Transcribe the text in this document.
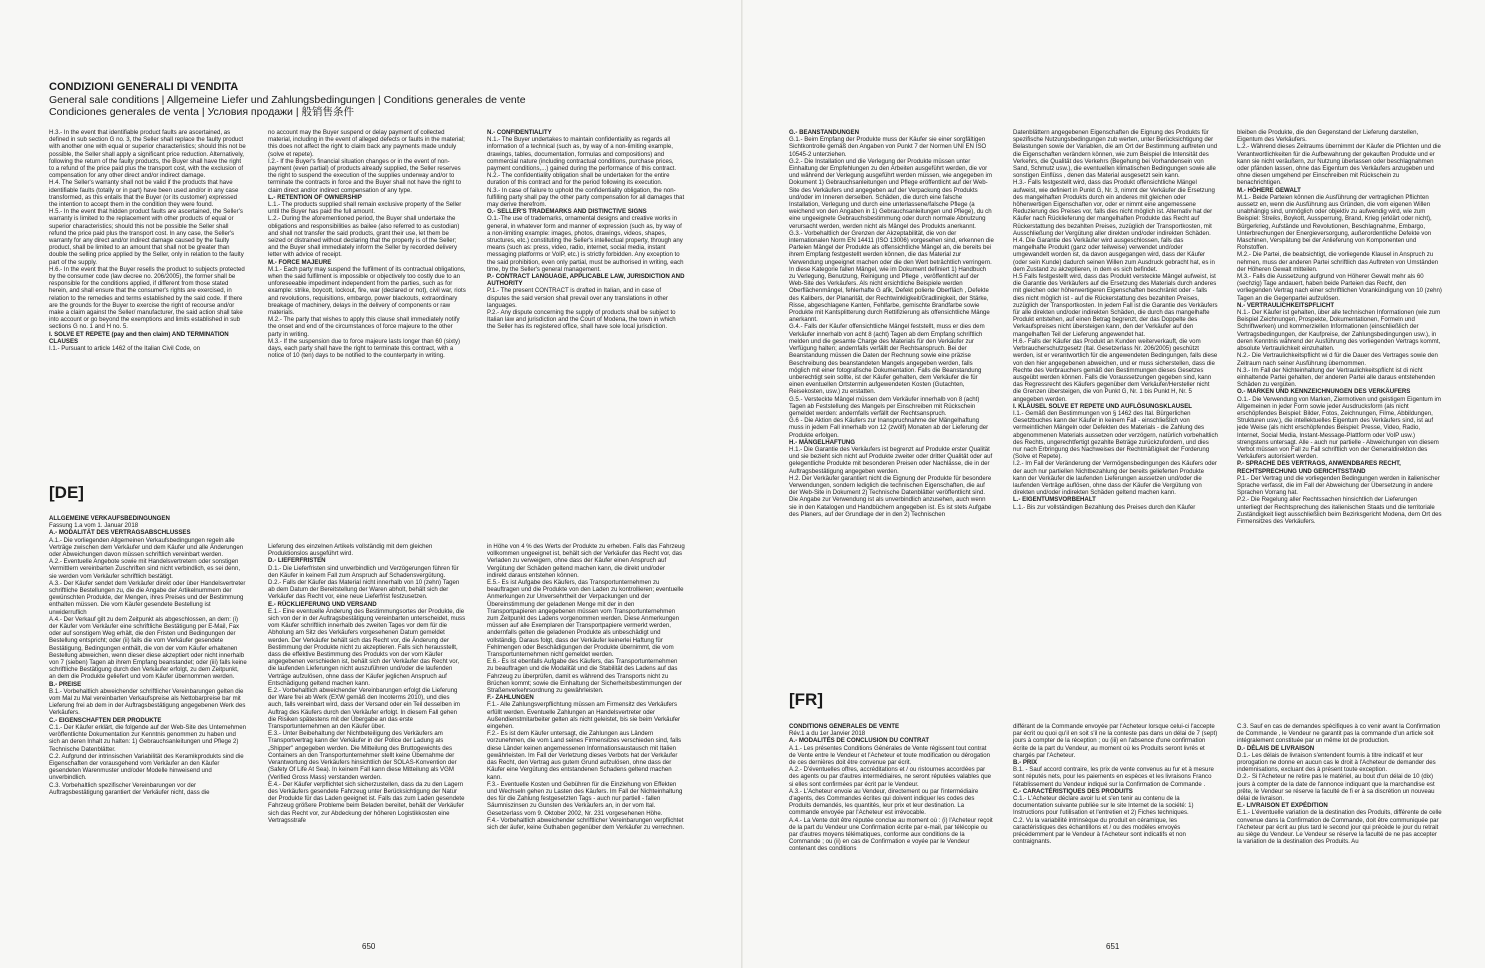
CONDIZIONI GENERALI DI VENDITA
General sale conditions | Allgemeine Liefer und Zahlungsbedingungen | Conditions generales de vente
Condiciones generales de venta | Условия продажи | 般销售条件

H.3.- In the event that identifiable product faults are ascertained, as defined in sub section G no. 3, the Seller shall replace the faulty product with another one with equal or superior characteristics; should this not be possible, the Seller shall apply a significant price reduction. Alternatively, following the return of the faulty products, the Buyer shall have the right to a refund of the price paid plus the transport cost, with the exclusion of compensation for any other direct and/or indirect damage.

H.4. The Seller's warranty shall not be valid if the products that have identifiable faults (totally or in part) have been used and/or in any case transformed, as this entails that the Buyer (or its customer) expressed the intention to accept them in the condition they were found.

H.5.- In the event that hidden product faults are ascertained, the Seller's warranty is limited to the replacement with other products of equal or superior characteristics; should this not be possible the Seller shall refund the price paid plus the transport cost. In any case, the Seller's warranty for any direct and/or indirect damage caused by the faulty product, shall be limited to an amount that shall not be greater than double the selling price applied by the Seller, only in relation to the faulty part of the supply.

H.6.- In the event that the Buyer resells the product to subjects protected by the consumer code (law decree no. 206/2005), the former shall be responsible for the conditions applied, if different from those stated herein, and shall ensure that the consumer's rights are exercised, in relation to the remedies and terms established by the said code. If there are the grounds for the Buyer to exercise the right of recourse and/or make a claim against the Seller/ manufacturer, the said action shall take into account or go beyond the exemptions and limits established in sub sections G no. 1 and H no. 5.

I. SOLVE ET REPETE (pay and then claim) AND TERMINATION CLAUSES

I.1.- Pursuant to article 1462 of the Italian Civil Code, on

no account may the Buyer suspend or delay payment of collected material, including in the event of alleged defects or faults in the material; this does not affect the right to claim back any payments made unduly (solve et repete).

I.2.- If the Buyer's financial situation changes or in the event of non-payment (even partial) of products already supplied, the Seller reserves the right to suspend the execution of the supplies underway and/or to terminate the contracts in force and the Buyer shall not have the right to claim direct and/or indirect compensation of any type.

L.- RETENTION OF OWNERSHIP

L.1.- The products supplied shall remain exclusive property of the Seller until the Buyer has paid the full amount.

L.2.- During the aforementioned period, the Buyer shall undertake the obligations and responsibilities as bailee (also referred to as custodian) and shall not transfer the said products, grant their use, let them be seized or distrained without declaring that the property is of the Seller; and the Buyer shall immediately inform the Seller by recorded delivery letter with advice of receipt.

M.- FORCE MAJEURE

M.1.- Each party may suspend the fulfilment of its contractual obligations, when the said fulfilment is impossible or objectively too costly due to an unforeseeable impediment independent from the parties, such as for example: strike, boycott, lockout, fire, war (declared or not), civil war, riots and revolutions, requisitions, embargo, power blackouts, extraordinary breakage of machinery, delays in the delivery of components or raw materials.

M.2.- The party that wishes to apply this clause shall immediately notify the onset and end of the circumstances of force majeure to the other party in writing.

M.3.- If the suspension due to force majeure lasts longer than 60 (sixty) days, each party shall have the right to terminate this contract, with a notice of 10 (ten) days to be notified to the counterparty in writing.

N.- CONFIDENTIALITY

N.1.- The Buyer undertakes to maintain confidentiality as regards all information of a technical (such as, by way of a non-limiting example, drawings, tables, documentation, formulas and compositions) and commercial nature (including contractual conditions, purchase prices, payment conditions,...) gained during the performance of this contract.

N.2.- The confidentiality obligation shall be undertaken for the entire duration of this contract and for the period following its execution.

N.3.- In case of failure to uphold the confidentiality obligation, the non-fulfilling party shall pay the other party compensation for all damages that may derive therefrom.

O.- SELLER'S TRADEMARKS AND DISTINCTIVE SIGNS

O.1.-The use of trademarks, ornamental designs and creative works in general, in whatever form and manner of expression (such as, by way of a non-limiting example: images, photos, drawings, videos, shapes, structures, etc.) constituting the Seller's intellectual property, through any means (such as: press, video, radio, internet, social media, instant messaging platforms or VoIP, etc.) is strictly forbidden. Any exception to the said prohibition, even only partial, must be authorised in writing, each time, by the Seller's general management.

P.- CONTRACT LANGUAGE, APPLICABLE LAW, JURISDICTION AND AUTHORITY

P.1.- The present CONTRACT is drafted in Italian, and in case of disputes the said version shall prevail over any translations in other languages.

P.2.- Any dispute concerning the supply of products shall be subject to Italian law and jurisdiction and the Court of Modena, the town in which the Seller has its registered office, shall have sole local jurisdiction.

[DE]

ALLGEMEINE VERKAUFSBEDINGUNGEN

Fassung 1.a vom 1. Januar 2018

A.- MODALITÄT DES VERTRAGSABSCHLUSSES

A.1.- Die vorliegenden Allgemeinen Verkaufsbedingungen regeln alle Verträge zwischen dem Verkäufer und dem Käufer und alle Änderungen oder Abweichungen davon müssen schriftlich vereinbart werden.

A.2.- Eventuelle Angebote sowie mit Handelsvertretern oder sonstigen Vermittlern vereinbarten Zuschriften sind nicht verbindlich, es sei denn, sie werden vom Verkäufer schriftlich bestätigt.

A.3.- Der Käufer sendet dem Verkäufer direkt oder über Handelsvertreter schriftliche Bestellungen zu, die die Angabe der Artikelnummern der gewünschten Produkte, der Mengen, ihres Preises und der Bestimmung enthalten müssen. Die vom Käufer gesendete Bestellung ist unwiderruflich

A.4.- Der Verkauf gilt zu dem Zeitpunkt als abgeschlossen, an dem: (i) der Käufer vom Verkäufer eine schriftliche Bestätigung per E-Mail, Fax oder auf sonstigem Weg erhält, die den Fristen und Bedingungen der Bestellung entspricht; oder (ii) falls die vom Verkäufer gesendete Bestätigung, Bedingungen enthält, die von der vom Käufer erhaltenen Bestellung abweichen, wenn dieser diese akzeptiert oder nicht innerhalb von 7 (sieben) Tagen ab ihrem Empfang beanstandet; oder (iii) falls keine schriftliche Bestätigung durch den Verkäufer erfolgt, zu dem Zeitpunkt, an dem die Produkte geliefert und vom Käufer übernommen werden.

B.- PREISE

B.1.- Vorbehaltlich abweichender schriftlicher Vereinbarungen gelten die vom Mal zu Mal vereinbarten Verkaufspreise als Nettobarpreise bar mit Lieferung frei ab dem in der Auftragsbestätigung angegebenen Werk des Verkäufers.

C.- EIGENSCHAFTEN DER PRODUKTE

C.1.- Der Käufer erklärt, die folgende auf der Web-Site des Unternehmen veröffentlichte Dokumentation zur Kenntnis genommen zu haben und sich an deren Inhalt zu halten: 1) Gebrauchsanleitungen und Pflege 2) Technische Datenblätter.

C.2. Aufgrund der intrinsischen Variabilität des Keramikprodukts sind die Eigenschaften der vorausgehend vom Verkäufer an den Käufer gesendeten Warenmuster und/oder Modelle hinweisend und unverbindlich.

C.3. Vorbehaltlich spezifischer Vereinbarungen vor der Auftragsbestätigung garantiert der Verkäufer nicht, dass die

Lieferung des einzelnen Artikels vollständig mit dem gleichen Produktionslos ausgeführt wird.

D.- LIEFERFRISTEN

D.1.- Die Lieferfristen sind unverbindlich und Verzögerungen führen für den Käufer in keinem Fall zum Anspruch auf Schadensvergütung.

D.2.- Falls der Käufer das Material nicht innerhalb von 10 (zehn) Tagen ab dem Datum der Bereitstellung der Waren abholt, behält sich der Verkäufer das Recht vor, eine neue Lieferfrist festzusetzen.

E.- RÜCKLIEFERUNG UND VERSAND

E.1.- Eine eventuelle Änderung des Bestimmungsortes der Produkte, die sich von der in der Auftragsbestätigung vereinbarten unterscheidet, muss vom Käufer schriftlich innerhalb des zweiten Tages vor dem für die Abholung am Sitz des Verkäufers vorgesehenen Datum gemeldet werden. Der Verkäufer behält sich das Recht vor, die Änderung der Bestimmung der Produkte nicht zu akzeptieren. Falls sich herausstellt, dass die effektive Bestimmung des Produkts von der vom Käufer angegebenen verschieden ist, behält sich der Verkäufer das Recht vor, die laufenden Lieferungen nicht auszuführen und/oder die laufenden Verträge aufzulösen, ohne dass der Käufer jeglichen Anspruch auf Entschädigung geltend machen kann.

E.2.- Vorbehaltlich abweichender Vereinbarungen erfolgt die Lieferung der Ware frei ab Werk (EXW gemäß den Incoterms 2010), und dies auch, falls vereinbart wird, dass der Versand oder ein Teil desselben im Auftrag des Käufers durch den Verkäufer erfolgt. In diesem Fall gehen die Risiken spätestens mit der Übergabe an das erste Transportunternehmen an den Käufer über.

E.3.- Unter Beibehaltung der Nichtbeteiligung des Verkäufers am Transportvertrag kann der Verkäufer in der Police der Ladung als „Shipper" angegeben werden. Die Mitteilung des Bruttogewichts des Containers an den Transportunternehmer stellt keine Übernahme der Verantwortung des Verkäufers hinsichtlich der SOLAS-Konvention der (Safety Of Life At Sea). In keinem Fall kann diese Mitteilung als VGM (Verified Gross Mass) verstanden werden.

E.4.- Der Käufer verpflichtet sich sicherzustellen, dass da zu den Lagern des Verkäufers gesendete Fahrzeug unter Berücksichtigung der Natur der Produkte für das Laden geeignet ist. Falls das zum Laden gesendete Fahrzeug größere Probleme beim Beladen bereitet, behält der Verkäufer sich das Recht vor, zur Abdeckung der höheren Logistikkosten eine Vertragsstrafe

in Höhe von 4 % des Werts der Produkte zu erheben. Falls das Fahrzeug vollkommen ungeeignet ist, behält sich der Verkäufer das Recht vor, das Verladen zu verweigern, ohne dass der Käufer einen Anspruch auf Vergütung der Schäden geltend machen kann, die direkt und/oder indirekt daraus entstehen können.

E.5.- Es ist Aufgabe des Käufers, das Transportunternehmen zu beauftragen und die Produkte von den Laden zu kontrollieren; eventuelle Anmerkungen zur Unversehrtheit der Verpackungen und der Übereinstimmung der geladenen Menge mit der in den Transportpapieren angegebenen müssen vom Transportunternehmen zum Zeitpunkt des Ladens vorgenommen werden. Diese Anmerkungen müssen auf alle Exemplaren der Transportpapiere vermerkt werden, andernfalls gelten die geladenen Produkte als unbeschädigt und vollständig. Daraus folgt, dass der Verkäufer keinerlei Haftung für Fehlmengen oder Beschädigungen der Produkte übernimmt, die vom Transportunternehmen nicht gemeldet werden.

E.6.- Es ist ebenfalls Aufgabe des Käufers, das Transportunternehmen zu beauftragen und die Modalität und die Stabilität des Ladens auf das Fahrzeug zu überprüfen, damit es während des Transports nicht zu Brüchen kommt; sowie die Einhaltung der Sicherheitsbestimmungen der Straßenverkehrsordnung zu gewährleisten.

F.- ZAHLUNGEN

F.1.- Alle Zahlungsverpflichtung müssen am Firmensitz des Verkäufers erfüllt werden. Eventuelle Zahlungen an Handelsvertreter oder Außendienstmitarbeiter gelten als nicht geleistet, bis sie beim Verkäufer eingehen.

F.2.- Es ist dem Käufer untersagt, die Zahlungen aus Ländern vorzunehmen, die vom Land seines Firmensitzes verschieden sind, falls diese Länder keinen angemessenen Informationsaustausch mit Italien gewährleisten. Im Fall der Verletzung dieses Verbots hat der Verkäufer das Recht, den Vertrag aus gutem Grund aufzulösen, ohne dass der Käufer eine Vergütung des entstandenen Schadens geltend machen kann.

F.3.- Eventuelle Kosten und Gebühren für die Einziehung von Effekten und Wechseln gehen zu Lasten des Käufers. Im Fall der Nichteinhaltung des für die Zahlung festgesetzten Tags - auch nur partiell - fallen Säumniszinsen zu Gunsten des Verkäufers an, in der vom Ital. Gesetzerlass vom 9. Oktober 2002, Nr. 231 vorgesehenen Höhe.

F.4.- Vorbehaltlich abweichender schriftlicher Vereinbarungen verpflichtet sich der äufer, keine Guthaben gegenüber dem Verkäufer zu verrechnen.

650

G.- BEANSTANDUNGEN

G.1.- Beim Empfang der Produkte muss der Käufer sie einer sorgfältigen Sichtkontrolle gemäß den Angaben von Punkt 7 der Normen UNI EN ISO 10545-2 unterziehen.

G.2.- Die Installation und die Verlegung der Produkte müssen unter Einhaltung der Empfehlungen zu den Arbeiten ausgeführt werden, die vor und während der Verlegung ausgeführt werden müssen, wie angegeben im Dokument 1) Gebrauchsanleitungen und Pflege eröffentlicht auf der Web-Site des Verkäufers und angegeben auf der Verpackung des Produkts und/oder im Inneren derselben. Schäden, die durch eine falsche Installation, Verlegung und durch eine unterlassene/falsche Pflege (a weichend von den Angaben in 1) Gebrauchsanleitungen und Pflege), du ch eine ungeeignete Gebrauchsbestimmung oder durch normale Abnutzung verursacht werden, werden nicht als Mängel des Produkts anerkannt.

G.3.- Vorbehaltlich der Grenzen der Akzeptabilität, die von der internationalen Norm EN 14411 (ISO 13006) vorgesehen sind, erkennen die Parteien Mängel der Produkte als offensichtliche Mängel an, die bereits bei ihrem Empfang festgestellt werden können, die das Material zur Verwendung ungeeignet machen oder die den Wert beträchtlich verringern. In diese Kategorie fallen Mängel, wie im Dokument definiert 1) Handbuch zu Verlegung, Benutzung, Reinigung und Pflege , veröffentlicht auf der Web-Site des Verkäufers. Als nicht ersichtliche Beispiele werden Oberflächenmängel, fehlerhafte G afik, Defekt polierte Oberfläch , Defekte des Kalibers, der Planarität, der Rechtwinkligkeit/Gradlinigkeit, der Stärke, Risse, abgeschlagene Kanten, Fehlfarbe, gemischte Brandfarbe sowie Produkte mit Kantsplitterung durch Rettifizierung als offensichtliche Mänge anerkannt.

G.4.- Falls der Käufer offensichtliche Mängel feststellt, muss er dies dem Verkäufer innerhalb von acht 8 (acht) Tagen ab dem Empfang schriftlich melden und die gesamte Charge des Materials für den Verkäufer zur Verfügung halten; andernfalls verfällt der Rechtsanspruch. Bei der Beanstandung müssen die Daten der Rechnung sowie eine präzise Beschreibung des beanstandeten Mangels angegeben werden, falls möglich mit einer fotografische Dokumentation. Falls die Beanstandung unberechtigt sein sollte, ist der Käufer gehalten, dem Verkäufer die für einen eventuellen Ortstermin aufgewendeten Kosten (Gutachten, Reisekosten, usw.) zu erstatten.

G.5.- Versteckte Mängel müssen dem Verkäufer innerhalb von 8 (acht) Tagen ab Feststellung des Mangels per Einschreiben mit Rückschein gemeldet werden: andernfalls verfällt der Rechtsanspruch.

G.6 - Die Aktion des Käufers zur Inanspruchnahme der Mängelhaftung muss in jedem Fall innerhalb von 12 (zwölf) Monaten ab der Lieferung der Produkte erfolgen.

H.- MÄNGELHAFTUNG

H.1.- Die Garantie des Verkäufers ist begrenzt auf Produkte erster Qualität und sie bezieht sich nicht auf Produkte zweiter oder dritter Qualität oder auf gelegentliche Produkte mit besonderen Preisen oder Nachlässe, die in der Auftragsbestätigung angegeben werden.

H.2. Der Verkäufer garantiert nicht die Eignung der Produkte für besondere Verwendungen, sondern lediglich die technischen Eigenschaften, die auf der Web-Site in Dokument 2) Technische Datenblätter veröffentlicht sind. Die Angabe zur Verwendung ist als unverbindlich anzusehen, auch wenn sie in den Katalogen und Handbüchern angegeben ist. Es ist stets Aufgabe des Planers, auf der Grundlage der in den 2) Technischen

Datenblättern angegebenen Eigenschaften die Eignung des Produkts für spezifische Nutzungsbedingungen zub werten, unter Berücksichtigung der Belastungen sowie der Variablen, die am Ort der Bestimmung auftreten und die Eigenschaften verändern können, wie zum Beispiel die Intensität des Verkehrs, die Qualität des Verkehrs (Begehung bei Vorhandensein von Sand, Schmutz usw.), die eventuellen klimatischen Bedingungen sowie alle sonstigen Einflüss , denen das Material ausgesetzt sein kann.

H.3.- Falls festgestellt wird, dass das Produkt offensichtliche Mängel aufweist, wie definiert in Punkt G, Nr. 3, nimmt der Verkäufer die Ersetzung des mangelhaften Produkts durch ein anderes mit gleichen oder höherwertigen Eigenschaften vor, oder er nimmt eine angemessene Reduzierung des Preises vor, falls dies nicht möglich ist. Alternativ hat der Käufer nach Rücklieferung der mangelhaften Produkte das Recht auf Rückerstattung des bezahlten Preises, zuzüglich der Transportkosten, mit Ausschließung der Vergütung aller direkten und/oder indirekten Schäden.

H.4. Die Garantie des Verkäufer wird ausgeschlossen, falls das mangelhafte Produkt (ganz oder teilweise) verwendet und/oder umgewandelt worden ist, da davon ausgegangen wird, dass der Käufer (oder sein Kunde) dadurch seinen Willen zum Ausdruck gebracht hat, es in dem Zustand zu akzeptieren, in dem es sich befindet.

H.5 Falls festgestellt wird, dass das Produkt versteckte Mängel aufweist, ist die Garantie des Verkäufers auf die Ersetzung des Materials durch anderes mit gleichen oder höherwertigeren Eigenschaften beschränkt oder - falls dies nicht möglich ist - auf die Rückerstattung des bezahlten Preises, zuzüglich der Transportkosten. In jedem Fall ist die Garantie des Verkäufers für alle direkten und/oder indirekten Schäden, die durch das mangelhafte Produkt entstehen, auf einen Betrag begrenzt, der das Doppelte des Verkaufspreises nicht übersteigen kann, den der Verkäufer auf den mangelhaften Teil der Lieferung angewendet hat.

H.6.- Falls der Käufer das Produkt an Kunden weiterverkauft, die vom Verbraucherschutzgesetz (Ital. Gesetzerlass Nr. 206/2005) geschützt werden, ist er verantwortlich für die angewendeten Bedingungen, falls diese von den hier angegebenen abweichen, und er muss sicherstellen, dass die Rechte des Verbrauchers gemäß den Bestimmungen dieses Gesetzes ausgeübt werden können. Falls die Voraussetzungen gegeben sind, kann das Regressrecht des Käufers gegenüber dem Verkäufer/Hersteller nicht die Grenzen übersteigen, die von Punkt G, Nr. 1 bis Punkt H, Nr. 5 angegeben werden.

I. KLAUSEL SOLVE ET REPETE UND AUFLÖSUNGSKLAUSEL

I.1.- Gemäß den Bestimmungen von § 1462 des Ital. Bürgerlichen Gesetzbuches kann der Käufer in keinem Fall - einschließlich von vermeintlichen Mängeln oder Defekten des Materials - die Zahlung des abgenommenen Materials aussetzen oder verzögern, natürlich vorbehaltlich des Rechts, ungerechtfertigt gezahlte Beträge zurückzufordern, und dies nur nach Erbringung des Nachweises der Rechtmäßigkeit der Forderung (Solve et Repete).

I.2.- Im Fall der Veränderung der Vermögensbedingungen des Käufers oder der auch nur partiellen Nichtbezahlung der bereits gelieferten Produkte kann der Verkäufer die laufenden Lieferungen aussetzen und/oder die laufenden Verträge auflösen, ohne dass der Käufer die Vergütung von direkten und/oder indirekten Schäden geltend machen kann.

L.- EIGENTUMSVORBEHALT

L.1.- Bis zur vollständigen Bezahlung des Preises durch den Käufer

bleiben die Produkte, die den Gegenstand der Lieferung darstellen, Eigentum des Verkäufers.

L.2.- Während dieses Zeitraums übernimmt der Käufer die Pflichten und die Verantwortlichkeiten für die Aufbewahrung der gekauften Produkte und er kann sie nicht veräußern, zur Nutzung überlassen oder beschlagnahmen oder pfänden lassen, ohne das Eigentum des Verkäufers anzugeben und ohne diesen umgehend per Einschreiben mit Rückschein zu benachrichtigen.

M.- HÖHERE GEWALT

M.1.- Beide Parteien können die Ausführung der vertraglichen Pflichten aussetz en, wenn die Ausführung aus Gründen, die vom eigenen Willen unabhängig sind, unmöglich oder objektiv zu aufwendig wird, wie zum Beispiel: Streiks, Boykott, Aussperrung, Brand, Krieg (erklärt oder nicht), Bürgerkrieg, Aufstände und Revolutionen, Beschlagnahme, Embargo, Unterbrechungen der Energieversorgung, außerordentliche Defekte von Maschinen, Verspätung bei der Anlieferung von Komponenten und Rohstoffen.

M.2.- Die Partei, die beabsichtigt, die vorliegende Klausel in Anspruch zu nehmen, muss der anderen Partei schriftlich das Auftreten von Umständen der Höheren Gewalt mitteilen.

M.3.- Falls die Aussetzung aufgrund von Höherer Gewalt mehr als 60 (sechzig) Tage andauert, haben beide Parteien das Recht, den vorliegenden Vertrag nach einer schriftlichen Vorankündigung von 10 (zehn) Tagen an die Gegenpartei aufzulösen.

N.- VERTRAULICHKEITSPFLICHT

N.1.- Der Käufer ist gehalten, über alle technischen Informationen (wie zum Beispiel Zeichnungen, Prospekte, Dokumentationen, Formeln und Schriftwerken) und kommerziellen Informationen (einschließlich der Vertragsbedingungen, der Kaufpreise, der Zahlungsbedingungen usw.), in deren Kenntnis während der Ausführung des vorliegenden Vertrags kommt, absolute Vertraulichkeit einzuhalten.

N.2.- Die Vertraulichkeitspflicht wi d für die Dauer des Vertrages sowie den Zeitraum nach seiner Ausführung übernommen.

N.3.- Im Fall der Nichteinhaltung der Vertraulichkeitspflicht ist di nicht einhaltende Partei gehalten, der anderen Partei alle daraus entstehenden Schäden zu vergüten.

O.- MARKEN UND KENNZEICHNUNGEN DES VERKÄUFERS

O.1.- Die Verwendung von Marken, Ziermotiven und geistigem Eigentum im Allgemeinen in jeder Form sowie jeder Ausdrucksform (als nicht erschöpfendes Beispiel: Bilder, Fotos, Zeichnungen, Filme, Abbildungen, Strukturen usw.), die intellektuelles Eigentum des Verkäufers sind, ist auf jede Weise (als nicht erschöpfendes Beispiel: Presse, Video, Radio, Internet, Social Media, Instant-Message-Plattform oder VoIP usw.) strengstens untersagt. Alle - auch nur partielle - Abweichungen von diesem Verbot müssen von Fall zu Fall schriftlich von der Generaldirektion des Verkäufers autorisiert werden.

P.- SPRACHE DES VERTRAGS, ANWENDBARES RECHT, RECHTSPRECHUNG UND GERICHTSSTAND

P.1.- Der Vertrag und die vorliegenden Bedingungen werden in italienischer Sprache verfasst, die im Fall der Abweichung der Übersetzung in andere Sprachen Vorrang hat.

P.2.- Die Regelung aller Rechtssachen hinsichtlich der Lieferungen unterliegt der Rechtsprechung des italienischen Staats und die territoriale Zuständigkeit liegt ausschließlich beim Bezirksgericht Modena, dem Ort des Firmensitzes des Verkäufers.

[FR]

CONDITIONS GÉNÉRALES DE VENTE

Rév.1 a du 1er Janvier 2018

A.- MODALITÉS DE CONCLUSION DU CONTRAT

A.1.- Les présentes Conditions Générales de Vente régissent tout contrat de Vente entre le Vendeur et l'Acheteur et toute modification ou dérogation de ces dernières doit être convenue par écrit.

A.2.- D'éventuelles offres, accréditations et / ou ristournes accordées par des agents ou par d'autres intermédiaires, ne seront réputées valables que si elles sont confirmées par écrit par le Vendeur.

A.3.- L'Acheteur envoie au Vendeur, directement ou par l'intermédiaire d'agents, des Commandes écrites qui doivent indiquer les codes des Produits demandés, les quantités, leur prix et leur destination. La commande envoyée par l'Acheteur est irrévocable.

A.4.- La Vente doit être réputée conclue au moment où : (i) l'Acheteur reçoit de la part du Vendeur une Confirmation écrite par e-mail, par télécopie ou par d'autres moyens télématiques, conforme aux conditions de la Commande ; ou (ii) en cas de Confirmation e voyée par le Vendeur contenant des conditions

différant de la Commande envoyée par l'Acheteur lorsque celui-ci l'accepte par écrit ou quoi qu'il en soit s'il ne la conteste pas dans un délai de 7 (sept) jours à compter de la réception ; ou (iii) en l'absence d'une confirmation écrite de la part du Vendeur, au moment où les Produits seront livrés et chargés par l'Acheteur.

B.- PRIX

B.1. - Sauf accord contraire, les prix de vente convenus au fur et à mesure sont réputés nets, pour les paiements en espèces et les livraisons Franco l'établissement du Vendeur indiqué sur la Confirmation de Commande .

C.- CARACTÉRISTIQUES DES PRODUITS

C.1.- L'Acheteur déclare avoir lu et s'en tenir au contenu de la documentation suivante publiée sur le site Internet de la société: 1) Instructions pour l'utilisation et l'entretien et 2) Fiches techniques.

C.2. Vu la variabilité intrinsèque du produit en céramique, les caractéristiques des échantillons et / ou des modèles envoyés précédemment par le Vendeur à l'Acheteur sont indicatifs et non contraignants.

C.3. Sauf en cas de demandes spécifiques à co venir avant la Confirmation de Commande , le Vendeur ne garantit pas la commande d'un article soit intégralement constituée par un même lot de production.

D.- DÉLAIS DE LIVRAISON

D.1.- Les délais de livraison s'entendent fournis à titre indicatif et leur prorogation ne donne en aucun cas le droit à l'Acheteur de demander des indemnisations, excluant des à présent toute exception.

D.2.- Si l'Acheteur ne retire pas le matériel, au bout d'un délai de 10 (dix) jours à compter de la date de l'annonce indiquant que la marchandise est prête, le Vendeur se réserve la faculté de fi er à sa discrétion un nouveau délai de livraison.

E.- LIVRAISON ET EXPÉDITION

E.1.- L'éventuelle variation de la destination des Produits, différente de celle convenue dans la Confirmation de Commande, doit être communiquée par l'Acheteur par écrit au plus tard le second jour qui précède le jour du retrait au siège du Vendeur. Le Vendeur se réserve la faculté de ne pas accepter la variation de la destination des Produits. Au

651
